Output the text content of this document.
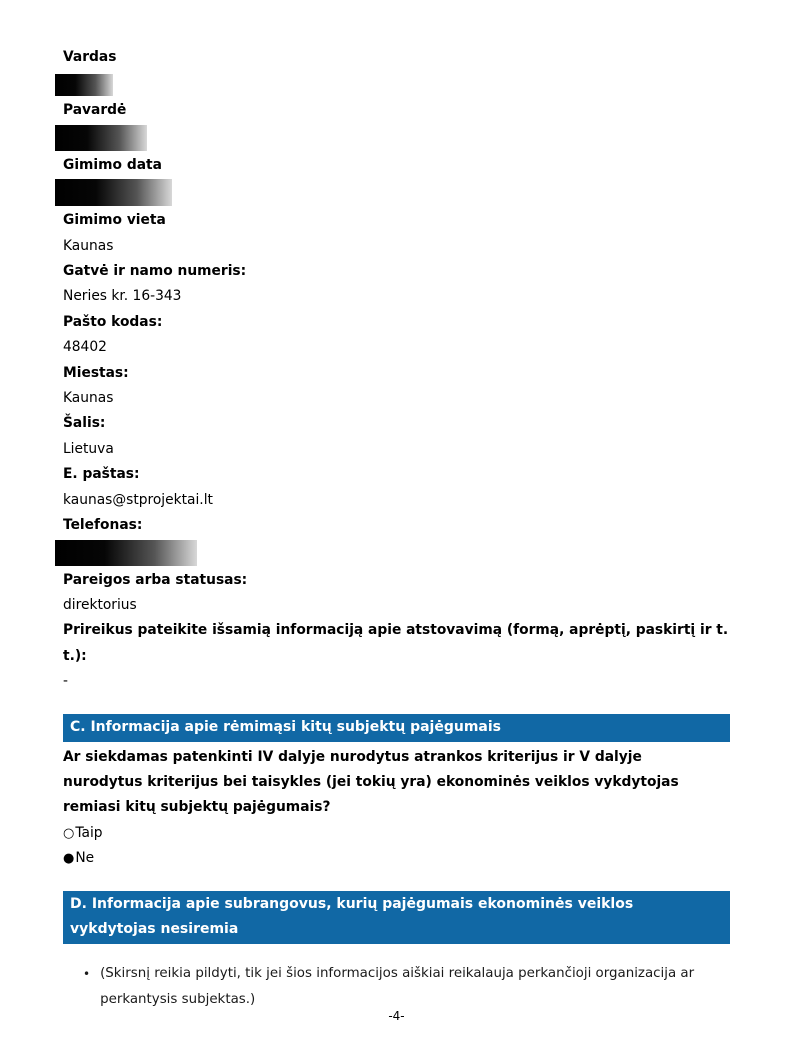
Vardas
Pavardė
Gimimo data
Gimimo vieta
Kaunas
Gatvė ir namo numeris:
Neries kr. 16-343
Pašto kodas:
48402
Miestas:
Kaunas
Šalis:
Lietuva
E. paštas:
kaunas@stprojektai.lt
Telefonas:
Pareigos arba statusas:
direktorius
Prireikus pateikite išsamią informaciją apie atstovavimą (formą, aprėptį, paskirtį ir t. t.):
-
C. Informacija apie rėmimąsi kitų subjektų pajėgumais
Ar siekdamas patenkinti IV dalyje nurodytus atrankos kriterijus ir V dalyje nurodytus kriterijus bei taisykles (jei tokių yra) ekonominės veiklos vykdytojas remiasi kitų subjektų pajėgumais?
○Taip
●Ne
D. Informacija apie subrangovus, kurių pajėgumais ekonominės veiklos vykdytojas nesiremia
• (Skirsnį reikia pildyti, tik jei šios informacijos aiškiai reikalauja perkančioji organizacija ar perkantysis subjektas.)
-4-
